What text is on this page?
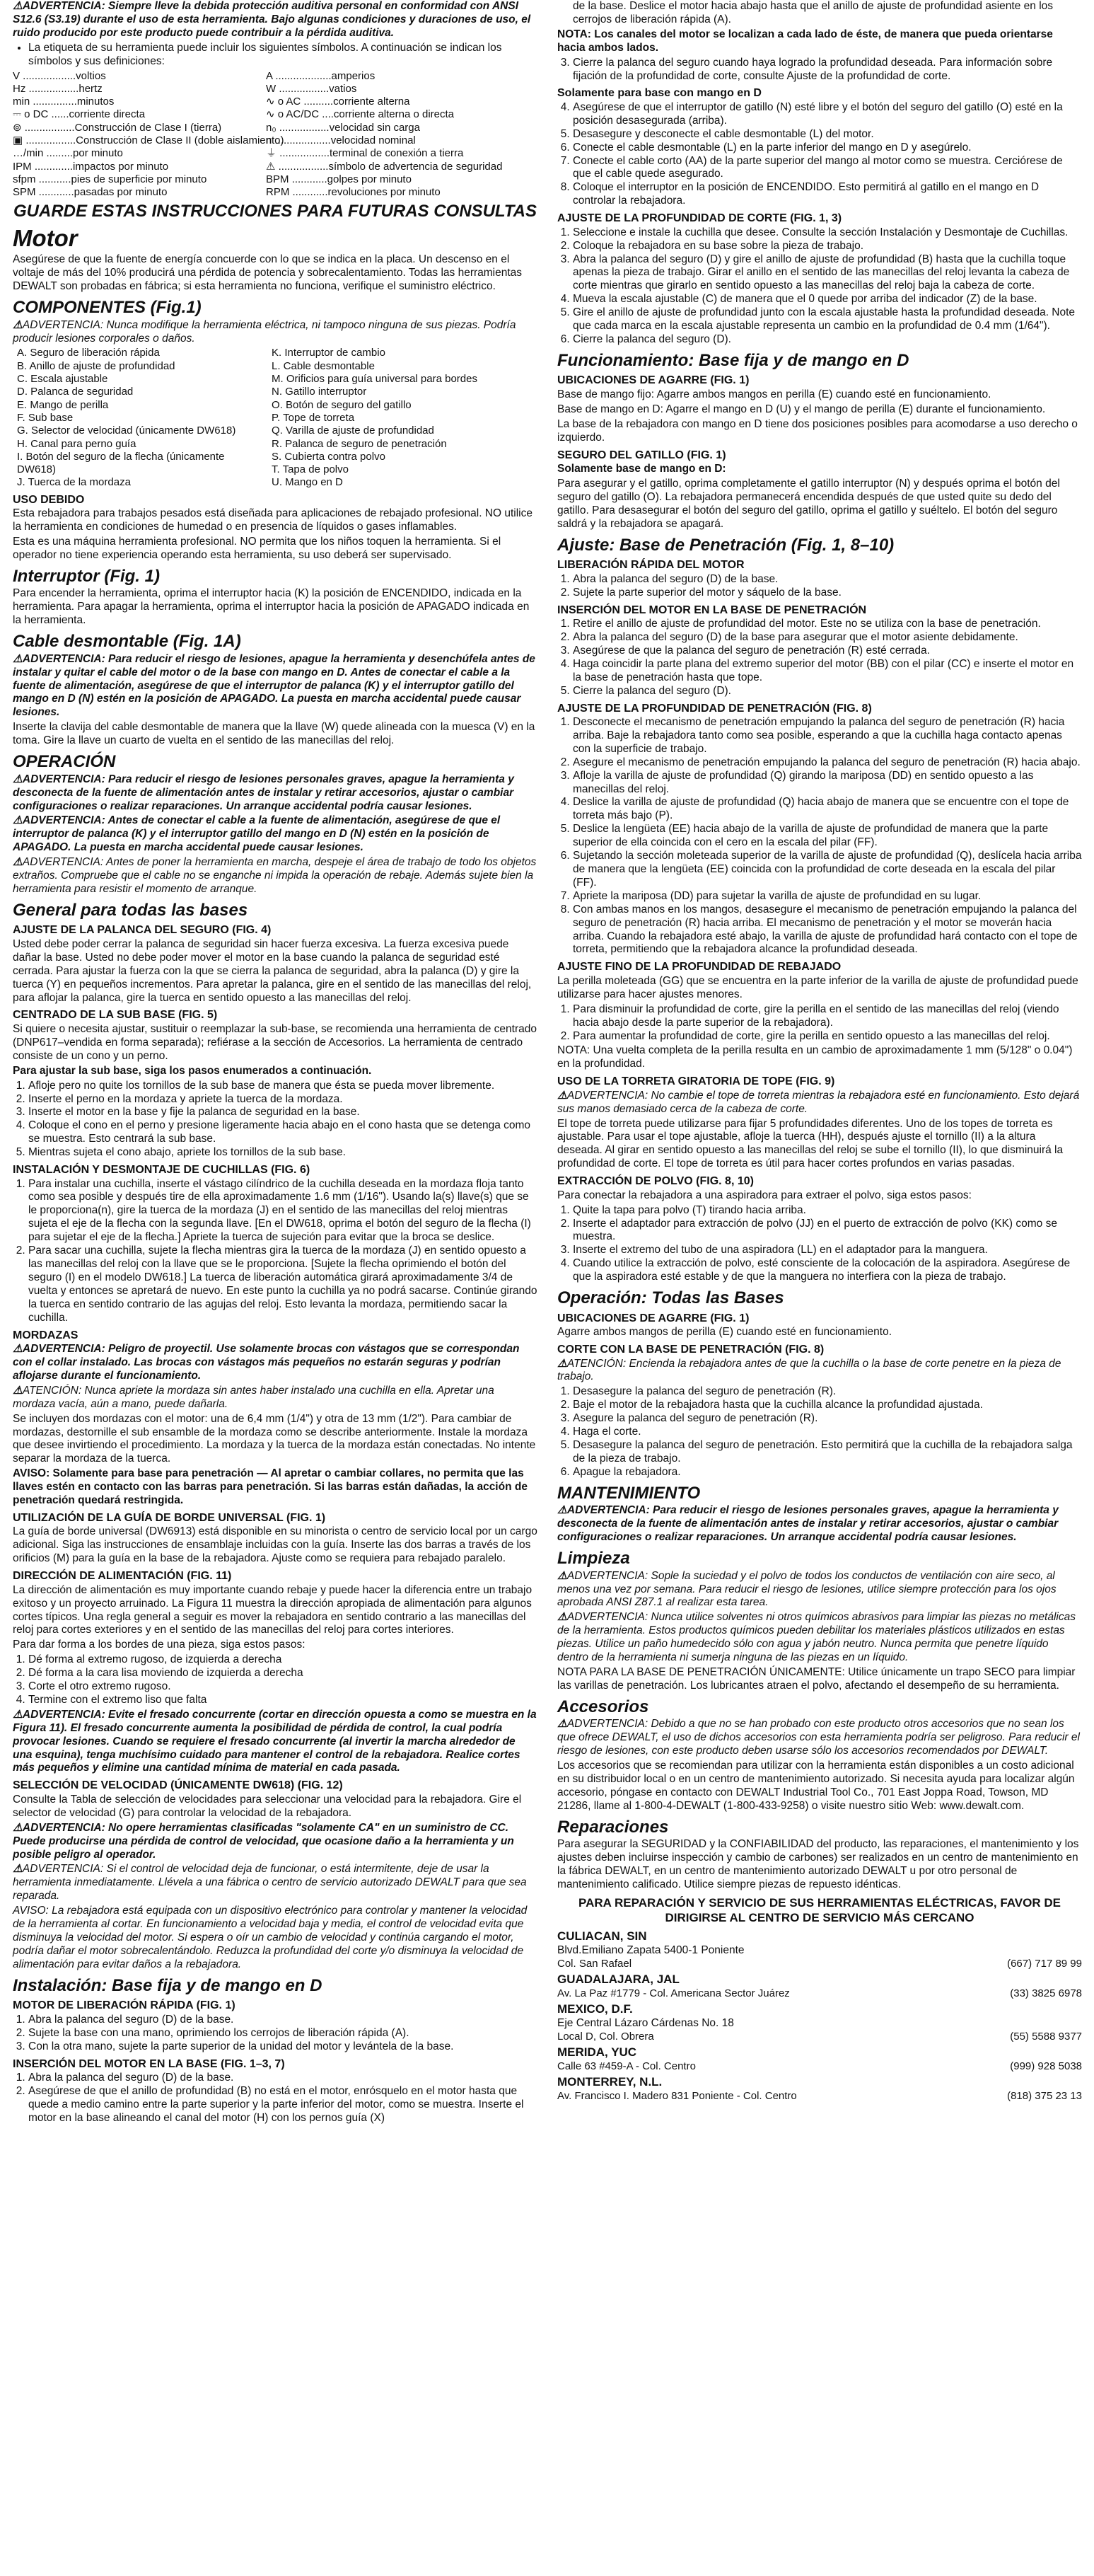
⚠ ADVERTENCIA: Siempre lleve la debida protección auditiva personal en conformidad con ANSI S12.6 (S3.19) durante el uso de esta herramienta. Bajo algunas condiciones y duraciones de uso, el ruido producido por este producto puede contribuir a la pérdida auditiva.

• La etiqueta de su herramienta puede incluir los siguientes símbolos. A continuación se indican los símbolos y sus definiciones:
V ..................voltios	A ...................amperios
Hz .................hertz	W .................vatios
min ...............minutos	∿ o AC ..........corriente alterna
⎓ o DC ......corriente directa	∿ o AC/DC ....corriente alterna o directa
⊚ .................Construcción de Clase I (tierra)	n₀ .................velocidad sin carga
▣ .................Construcción de Clase II (doble aislamiento)
n ...................velocidad nominal
…/min .........por minuto	⏚ .................terminal de conexión a tierra
IPM .............impactos por minuto	⚠ .................símbolo de advertencia de seguridad
sfpm ...........pies de superficie por minuto	BPM ............golpes por minuto
SPM ............pasadas por minuto	RPM ............revoluciones por minuto
GUARDE ESTAS INSTRUCCIONES PARA FUTURAS CONSULTAS
Motor

Asegúrese de que la fuente de energía concuerde con lo que se indica en la placa. Un descenso en el voltaje de más del 10% producirá una pérdida de potencia y sobrecalentamiento. Todas las herramientas DEWALT son probadas en fábrica; si esta herramienta no funciona, verifique el suministro eléctrico.

COMPONENTES (Fig.1)

⚠ ADVERTENCIA: Nunca modifique la herramienta eléctrica, ni tampoco ninguna de sus piezas. Podría producir lesiones corporales o daños.

A. Seguro de liberación rápida
B. Anillo de ajuste de profundidad
C. Escala ajustable
D. Palanca de seguridad
E. Mango de perilla
F. Sub base
G. Selector de velocidad (únicamente DW618)
H. Canal para perno guía
I. Botón del seguro de la flecha (únicamente DW618)
J. Tuerca de la mordaza
K. Interruptor de cambio
L. Cable desmontable
M. Orificios para guía universal para bordes
N. Gatillo interruptor
O. Botón de seguro del gatillo
P. Tope de torreta
Q. Varilla de ajuste de profundidad
R. Palanca de seguro de penetración
S. Cubierta contra polvo
T. Tapa de polvo
U. Mango en D
USO DEBIDO

Esta rebajadora para trabajos pesados está diseñada para aplicaciones de rebajado profesional. NO utilice la herramienta en condiciones de humedad o en presencia de líquidos o gases inflamables.

Esta es una máquina herramienta profesional. NO permita que los niños toquen la herramienta. Si el operador no tiene experiencia operando esta herramienta, su uso deberá ser supervisado.

Interruptor (Fig. 1)

Para encender la herramienta, oprima el interruptor hacia (K) la posición de ENCENDIDO, indicada en la herramienta. Para apagar la herramienta, oprima el interruptor hacia la posición de APAGADO indicada en la herramienta.

Cable desmontable (Fig. 1A)

⚠ ADVERTENCIA: Para reducir el riesgo de lesiones, apague la herramienta y desenchúfela antes de instalar y quitar el cable del motor o de la base con mango en D. Antes de conectar el cable a la fuente de alimentación, asegúrese de que el interruptor de palanca (K) y el interruptor gatillo del mango en D (N) estén en la posición de APAGADO. La puesta en marcha accidental puede causar lesiones.

Inserte la clavija del cable desmontable de manera que la llave (W) quede alineada con la muesca (V) en la toma. Gire la llave un cuarto de vuelta en el sentido de las manecillas del reloj.

OPERACIÓN

⚠ ADVERTENCIA: Para reducir el riesgo de lesiones personales graves, apague la herramienta y desconecta de la fuente de alimentación antes de instalar y retirar accesorios, ajustar o cambiar configuraciones o realizar reparaciones. Un arranque accidental podría causar lesiones.

⚠ ADVERTENCIA: Antes de conectar el cable a la fuente de alimentación, asegúrese de que el interruptor de palanca (K) y el interruptor gatillo del mango en D (N) estén en la posición de APAGADO. La puesta en marcha accidental puede causar lesiones.

⚠ ADVERTENCIA: Antes de poner la herramienta en marcha, despeje el área de trabajo de todo los objetos extraños. Compruebe que el cable no se enganche ni impida la operación de rebaje. Además sujete bien la herramienta para resistir el momento de arranque.

General para todas las bases
AJUSTE DE LA PALANCA DEL SEGURO (FIG. 4)

Usted debe poder cerrar la palanca de seguridad sin hacer fuerza excesiva. La fuerza excesiva puede dañar la base. Usted no debe poder mover el motor en la base cuando la palanca de seguridad esté cerrada. Para ajustar la fuerza con la que se cierra la palanca de seguridad, abra la palanca (D) y gire la tuerca (Y) en pequeños incrementos. Para apretar la palanca, gire en el sentido de las manecillas del reloj, para aflojar la palanca, gire la tuerca en sentido opuesto a las manecillas del reloj.

CENTRADO DE LA SUB BASE (FIG. 5)

Si quiere o necesita ajustar, sustituir o reemplazar la sub-base, se recomienda una herramienta de centrado (DNP617–vendida en forma separada); refiérase a la sección de Accesorios. La herramienta de centrado consiste de un cono y un perno.

Para ajustar la sub base, siga los pasos enumerados a continuación.

1. Afloje pero no quite los tornillos de la sub base de manera que ésta se pueda mover libremente.
2. Inserte el perno en la mordaza y apriete la tuerca de la mordaza.
3. Inserte el motor en la base y fije la palanca de seguridad en la base.
4. Coloque el cono en el perno y presione ligeramente hacia abajo en el cono hasta que se detenga como se muestra. Esto centrará la sub base.
5. Mientras sujeta el cono abajo, apriete los tornillos de la sub base.
INSTALACIÓN Y DESMONTAJE DE CUCHILLAS (FIG. 6)
1. Para instalar una cuchilla, inserte el vástago cilíndrico de la cuchilla deseada en la mordaza floja tanto como sea posible y después tire de ella aproximadamente 1.6 mm (1/16"). Usando la(s) llave(s) que se le proporciona(n), gire la tuerca de la mordaza (J) en el sentido de las manecillas del reloj mientras sujeta el eje de la flecha con la segunda llave. [En el DW618, oprima el botón del seguro de la flecha (I) para sujetar el eje de la flecha.] Apriete la tuerca de sujeción para evitar que la broca se deslice.
2. Para sacar una cuchilla, sujete la flecha mientras gira la tuerca de la mordaza (J) en sentido opuesto a las manecillas del reloj con la llave que se le proporciona. [Sujete la flecha oprimiendo el botón del seguro (I) en el modelo DW618.] La tuerca de liberación automática girará aproximadamente 3/4 de vuelta y entonces se apretará de nuevo. En este punto la cuchilla ya no podrá sacarse. Continúe girando la tuerca en sentido contrario de las agujas del reloj. Esto levanta la mordaza, permitiendo sacar la cuchilla.
MORDAZAS

⚠ ADVERTENCIA: Peligro de proyectil. Use solamente brocas con vástagos que se correspondan con el collar instalado. Las brocas con vástagos más pequeños no estarán seguras y podrían aflojarse durante el funcionamiento.

⚠ ATENCIÓN: Nunca apriete la mordaza sin antes haber instalado una cuchilla en ella. Apretar una mordaza vacía, aún a mano, puede dañarla.

Se incluyen dos mordazas con el motor: una de 6,4 mm (1/4") y otra de 13 mm (1/2"). Para cambiar de mordazas, destornille el sub ensamble de la mordaza como se describe anteriormente. Instale la mordaza que desee invirtiendo el procedimiento. La mordaza y la tuerca de la mordaza están conectadas. No intente separar la mordaza de la tuerca.

AVISO: Solamente para base para penetración — Al apretar o cambiar collares, no permita que las llaves estén en contacto con las barras para penetración. Si las barras están dañadas, la acción de penetración quedará restringida.

UTILIZACIÓN DE LA GUÍA DE BORDE UNIVERSAL (FIG. 1)

La guía de borde universal (DW6913) está disponible en su minorista o centro de servicio local por un cargo adicional. Siga las instrucciones de ensamblaje incluidas con la guía. Inserte las dos barras a través de los orificios (M) para la guía en la base de la rebajadora. Ajuste como se requiera para rebajado paralelo.

DIRECCIÓN DE ALIMENTACIÓN (FIG. 11)

La dirección de alimentación es muy importante cuando rebaje y puede hacer la diferencia entre un trabajo exitoso y un proyecto arruinado. La Figura 11 muestra la dirección apropiada de alimentación para algunos cortes típicos. Una regla general a seguir es mover la rebajadora en sentido contrario a las manecillas del reloj para cortes exteriores y en el sentido de las manecillas del reloj para cortes interiores.

Para dar forma a los bordes de una pieza, siga estos pasos:

1. Dé forma al extremo rugoso, de izquierda a derecha
2. Dé forma a la cara lisa moviendo de izquierda a derecha
3. Corte el otro extremo rugoso.
4. Termine con el extremo liso que falta

⚠ ADVERTENCIA: Evite el fresado concurrente (cortar en dirección opuesta a como se muestra en la Figura 11). El fresado concurrente aumenta la posibilidad de pérdida de control, la cual podría provocar lesiones. Cuando se requiere el fresado concurrente (al invertir la marcha alrededor de una esquina), tenga muchísimo cuidado para mantener el control de la rebajadora. Realice cortes más pequeños y elimine una cantidad mínima de material en cada pasada.

SELECCIÓN DE VELOCIDAD (ÚNICAMENTE DW618) (FIG. 12)

Consulte la Tabla de selección de velocidades para seleccionar una velocidad para la rebajadora. Gire el selector de velocidad (G) para controlar la velocidad de la rebajadora.

⚠ ADVERTENCIA: No opere herramientas clasificadas "solamente CA" en un suministro de CC. Puede producirse una pérdida de control de velocidad, que ocasione daño a la herramienta y un posible peligro al operador.

⚠ ADVERTENCIA: Si el control de velocidad deja de funcionar, o está intermitente, deje de usar la herramienta inmediatamente. Llévela a una fábrica o centro de servicio autorizado DEWALT para que sea reparada.

AVISO: La rebajadora está equipada con un dispositivo electrónico para controlar y mantener la velocidad de la herramienta al cortar. En funcionamiento a velocidad baja y media, el control de velocidad evita que disminuya la velocidad del motor. Si espera o oír un cambio de velocidad y continúa cargando el motor, podría dañar el motor sobrecalentándolo. Reduzca la profundidad del corte y/o disminuya la velocidad de alimentación para evitar daños a la rebajadora.

Instalación: Base fija y de mango en D
MOTOR DE LIBERACIÓN RÁPIDA (FIG. 1)
1. Abra la palanca del seguro (D) de la base.
2. Sujete la base con una mano, oprimiendo los cerrojos de liberación rápida (A).
3. Con la otra mano, sujete la parte superior de la unidad del motor y levántela de la base.
INSERCIÓN DEL MOTOR EN LA BASE (FIG. 1–3, 7)
1. Abra la palanca del seguro (D) de la base.
2. Asegúrese de que el anillo de profundidad (B) no está en el motor, enrósquelo en el motor hasta que quede a medio camino entre la parte superior y la parte inferior del motor, como se muestra. Inserte el motor en la base alineando el canal del motor (H) con los pernos guía (X)

de la base. Deslice el motor hacia abajo hasta que el anillo de ajuste de profundidad asiente en los cerrojos de liberación rápida (A).

NOTA: Los canales del motor se localizan a cada lado de éste, de manera que pueda orientarse hacia ambos lados.

3. Cierre la palanca del seguro cuando haya logrado la profundidad deseada. Para información sobre fijación de la profundidad de corte, consulte Ajuste de la profundidad de corte.
Solamente para base con mango en D
4. Asegúrese de que el interruptor de gatillo (N) esté libre y el botón del seguro del gatillo (O) esté en la posición desasegurada (arriba).
5. Desasegure y desconecte el cable desmontable (L) del motor.
6. Conecte el cable desmontable (L) en la parte inferior del mango en D y asegúrelo.
7. Conecte el cable corto (AA) de la parte superior del mango al motor como se muestra. Cerciórese de que el cable quede asegurado.
8. Coloque el interruptor en la posición de ENCENDIDO. Esto permitirá al gatillo en el mango en D controlar la rebajadora.
AJUSTE DE LA PROFUNDIDAD DE CORTE (FIG. 1, 3)
1. Seleccione e instale la cuchilla que desee. Consulte la sección Instalación y Desmontaje de Cuchillas.
2. Coloque la rebajadora en su base sobre la pieza de trabajo.
3. Abra la palanca del seguro (D) y gire el anillo de ajuste de profundidad (B) hasta que la cuchilla toque apenas la pieza de trabajo. Girar el anillo en el sentido de las manecillas del reloj levanta la cabeza de corte mientras que girarlo en sentido opuesto a las manecillas del reloj baja la cabeza de corte.
4. Mueva la escala ajustable (C) de manera que el 0 quede por arriba del indicador (Z) de la base.
5. Gire el anillo de ajuste de profundidad junto con la escala ajustable hasta la profundidad deseada. Note que cada marca en la escala ajustable representa un cambio en la profundidad de 0.4 mm (1/64").
6. Cierre la palanca del seguro (D).
Funcionamiento: Base fija y de mango en D
UBICACIONES DE AGARRE (FIG. 1)

Base de mango fijo: Agarre ambos mangos en perilla (E) cuando esté en funcionamiento.

Base de mango en D: Agarre el mango en D (U) y el mango de perilla (E) durante el funcionamiento.

La base de la rebajadora con mango en D tiene dos posiciones posibles para acomodarse a uso derecho o izquierdo.

SEGURO DEL GATILLO (FIG. 1)

Solamente base de mango en D:

Para asegurar y el gatillo, oprima completamente el gatillo interruptor (N) y después oprima el botón del seguro del gatillo (O). La rebajadora permanecerá encendida después de que usted quite su dedo del gatillo. Para desasegurar el botón del seguro del gatillo, oprima el gatillo y suéltelo. El botón del seguro saldrá y la rebajadora se apagará.

Ajuste: Base de Penetración (Fig. 1, 8–10)
LIBERACIÓN RÁPIDA DEL MOTOR
1. Abra la palanca del seguro (D) de la base.
2. Sujete la parte superior del motor y sáquelo de la base.
INSERCIÓN DEL MOTOR EN LA BASE DE PENETRACIÓN
1. Retire el anillo de ajuste de profundidad del motor. Este no se utiliza con la base de penetración.
2. Abra la palanca del seguro (D) de la base para asegurar que el motor asiente debidamente.
3. Asegúrese de que la palanca del seguro de penetración (R) esté cerrada.
4. Haga coincidir la parte plana del extremo superior del motor (BB) con el pilar (CC) e inserte el motor en la base de penetración hasta que tope.
5. Cierre la palanca del seguro (D).
AJUSTE DE LA PROFUNDIDAD DE PENETRACIÓN (FIG. 8)
1. Desconecte el mecanismo de penetración empujando la palanca del seguro de penetración (R) hacia arriba. Baje la rebajadora tanto como sea posible, esperando a que la cuchilla haga contacto apenas con la superficie de trabajo.
2. Asegure el mecanismo de penetración empujando la palanca del seguro de penetración (R) hacia abajo.
3. Afloje la varilla de ajuste de profundidad (Q) girando la mariposa (DD) en sentido opuesto a las manecillas del reloj.
4. Deslice la varilla de ajuste de profundidad (Q) hacia abajo de manera que se encuentre con el tope de torreta más bajo (P).
5. Deslice la lengüeta (EE) hacia abajo de la varilla de ajuste de profundidad de manera que la parte superior de ella coincida con el cero en la escala del pilar (FF).
6. Sujetando la sección moleteada superior de la varilla de ajuste de profundidad (Q), deslícela hacia arriba de manera que la lengüeta (EE) coincida con la profundidad de corte deseada en la escala del pilar (FF).
7. Apriete la mariposa (DD) para sujetar la varilla de ajuste de profundidad en su lugar.
8. Con ambas manos en los mangos, desasegure el mecanismo de penetración empujando la palanca del seguro de penetración (R) hacia arriba. El mecanismo de penetración y el motor se moverán hacia arriba. Cuando la rebajadora esté abajo, la varilla de ajuste de profundidad hará contacto con el tope de torreta, permitiendo que la rebajadora alcance la profundidad deseada.
AJUSTE FINO DE LA PROFUNDIDAD DE REBAJADO

La perilla moleteada (GG) que se encuentra en la parte inferior de la varilla de ajuste de profundidad puede utilizarse para hacer ajustes menores.

1. Para disminuir la profundidad de corte, gire la perilla en el sentido de las manecillas del reloj (viendo hacia abajo desde la parte superior de la rebajadora).
2. Para aumentar la profundidad de corte, gire la perilla en sentido opuesto a las manecillas del reloj.

NOTA: Una vuelta completa de la perilla resulta en un cambio de aproximadamente 1 mm (5/128" o 0.04") en la profundidad.

USO DE LA TORRETA GIRATORIA DE TOPE (FIG. 9)

⚠ ADVERTENCIA: No cambie el tope de torreta mientras la rebajadora esté en funcionamiento. Esto dejará sus manos demasiado cerca de la cabeza de corte.

El tope de torreta puede utilizarse para fijar 5 profundidades diferentes. Uno de los topes de torreta es ajustable. Para usar el tope ajustable, afloje la tuerca (HH), después ajuste el tornillo (II) a la altura deseada. Al girar en sentido opuesto a las manecillas del reloj se sube el tornillo (II), lo que disminuirá la profundidad de corte. El tope de torreta es útil para hacer cortes profundos en varias pasadas.

EXTRACCIÓN DE POLVO (FIG. 8, 10)

Para conectar la rebajadora a una aspiradora para extraer el polvo, siga estos pasos:

1. Quite la tapa para polvo (T) tirando hacia arriba.
2. Inserte el adaptador para extracción de polvo (JJ) en el puerto de extracción de polvo (KK) como se muestra.
3. Inserte el extremo del tubo de una aspiradora (LL) en el adaptador para la manguera.
4. Cuando utilice la extracción de polvo, esté consciente de la colocación de la aspiradora. Asegúrese de que la aspiradora esté estable y de que la manguera no interfiera con la pieza de trabajo.
Operación: Todas las Bases
UBICACIONES DE AGARRE (FIG. 1)

Agarre ambos mangos de perilla (E) cuando esté en funcionamiento.

CORTE CON LA BASE DE PENETRACIÓN (FIG. 8)

⚠ ATENCIÓN: Encienda la rebajadora antes de que la cuchilla o la base de corte penetre en la pieza de trabajo.

1. Desasegure la palanca del seguro de penetración (R).
2. Baje el motor de la rebajadora hasta que la cuchilla alcance la profundidad ajustada.
3. Asegure la palanca del seguro de penetración (R).
4. Haga el corte.
5. Desasegure la palanca del seguro de penetración. Esto permitirá que la cuchilla de la rebajadora salga de la pieza de trabajo.
6. Apague la rebajadora.
MANTENIMIENTO

⚠ ADVERTENCIA: Para reducir el riesgo de lesiones personales graves, apague la herramienta y desconecta de la fuente de alimentación antes de instalar y retirar accesorios, ajustar o cambiar configuraciones o realizar reparaciones. Un arranque accidental podría causar lesiones.

Limpieza

⚠ ADVERTENCIA: Sople la suciedad y el polvo de todos los conductos de ventilación con aire seco, al menos una vez por semana. Para reducir el riesgo de lesiones, utilice siempre protección para los ojos aprobada ANSI Z87.1 al realizar esta tarea.

⚠ ADVERTENCIA: Nunca utilice solventes ni otros químicos abrasivos para limpiar las piezas no metálicas de la herramienta. Estos productos químicos pueden debilitar los materiales plásticos utilizados en estas piezas. Utilice un paño humedecido sólo con agua y jabón neutro. Nunca permita que penetre líquido dentro de la herramienta ni sumerja ninguna de las piezas en un líquido.

NOTA PARA LA BASE DE PENETRACIÓN ÚNICAMENTE: Utilice únicamente un trapo SECO para limpiar las varillas de penetración. Los lubricantes atraen el polvo, afectando el desempeño de su herramienta.

Accesorios

⚠ ADVERTENCIA: Debido a que no se han probado con este producto otros accesorios que no sean los que ofrece DEWALT, el uso de dichos accesorios con esta herramienta podría ser peligroso. Para reducir el riesgo de lesiones, con este producto deben usarse sólo los accesorios recomendados por DEWALT.

Los accesorios que se recomiendan para utilizar con la herramienta están disponibles a un costo adicional en su distribuidor local o en un centro de mantenimiento autorizado. Si necesita ayuda para localizar algún accesorio, póngase en contacto con DEWALT Industrial Tool Co., 701 East Joppa Road, Towson, MD 21286, llame al 1-800-4-DEWALT (1-800-433-9258) o visite nuestro sitio Web: www.dewalt.com.

Reparaciones

Para asegurar la SEGURIDAD y la CONFIABILIDAD del producto, las reparaciones, el mantenimiento y los ajustes deben incluirse inspección y cambio de carbones) ser realizados en un centro de mantenimiento en la fábrica DEWALT, en un centro de mantenimiento autorizado DEWALT u por otro personal de mantenimiento calificado. Utilice siempre piezas de repuesto idénticas.

PARA REPARACIÓN Y SERVICIO DE SUS HERRAMIENTAS ELÉCTRICAS, FAVOR DE DIRIGIRSE AL CENTRO DE SERVICIO MÁS CERCANO
CULIACAN, SIN
Blvd.Emiliano Zapata 5400-1 Poniente
Col. San Rafael	(667) 717 89 99
GUADALAJARA, JAL
Av. La Paz #1779 - Col. Americana Sector Juárez	(33) 3825 6978
MEXICO, D.F.
Eje Central Lázaro Cárdenas No. 18
Local D, Col. Obrera	(55) 5588 9377
MERIDA, YUC
Calle 63 #459-A - Col. Centro	(999) 928 5038
MONTERREY, N.L.
Av. Francisco I. Madero 831 Poniente - Col. Centro	(818) 375 23 13
